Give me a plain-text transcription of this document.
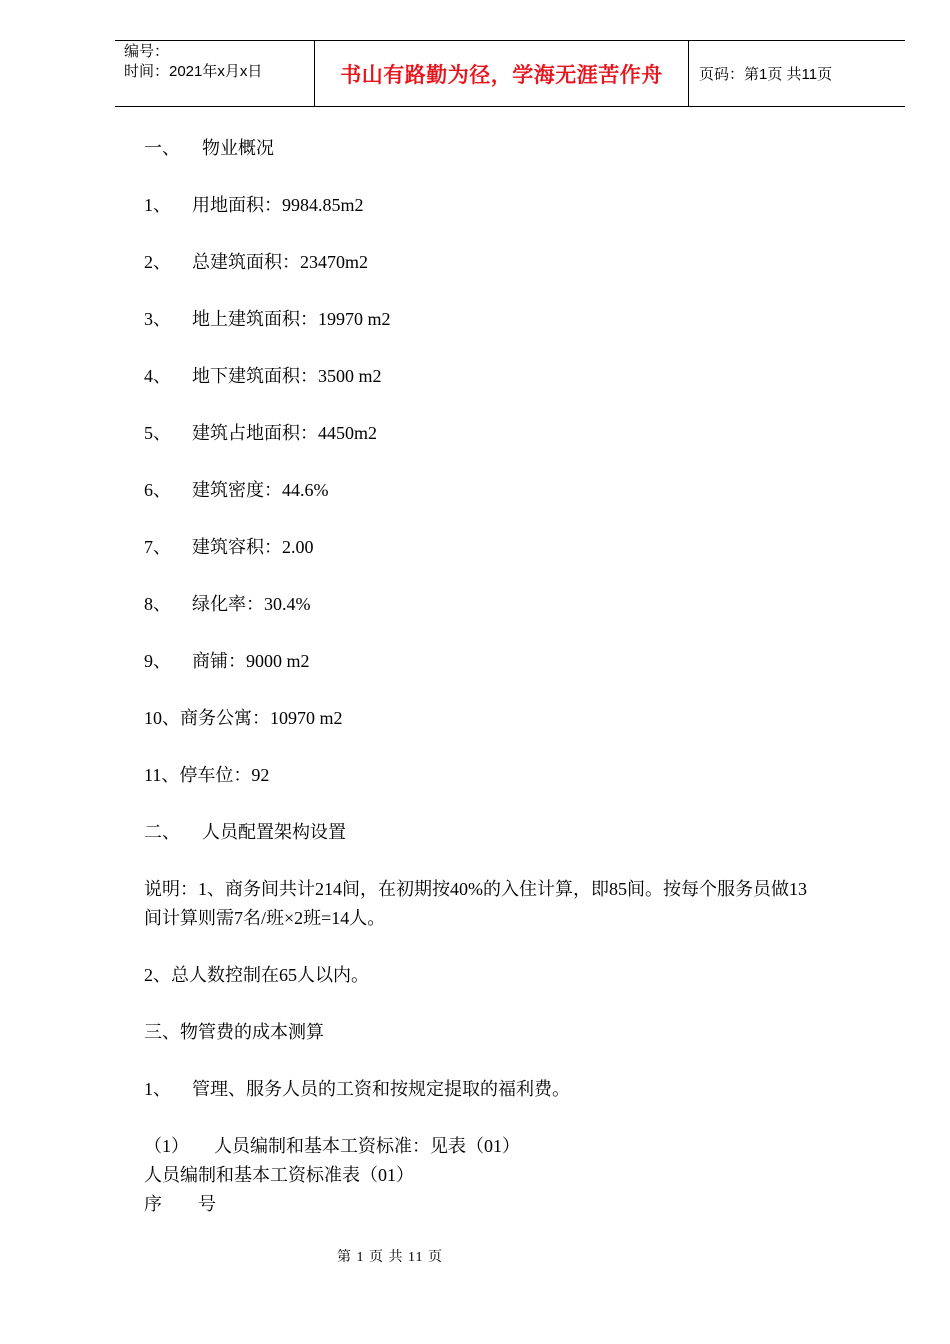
编号：
时间：2021年x月x日	书山有路勤为径，学海无涯苦作舟	页码：第1页 共11页

一、 物业概况

1、 用地面积：9984.85m2

2、 总建筑面积：23470m2

3、 地上建筑面积：19970 m2

4、 地下建筑面积：3500 m2

5、 建筑占地面积：4450m2

6、 建筑密度：44.6%

7、 建筑容积：2.00

8、 绿化率：30.4%

9、 商铺：9000 m2

10、商务公寓：10970 m2

11、停车位：92

二、 人员配置架构设置

说明：1、商务间共计214间，在初期按40%的入住计算，即85间。按每个服务员做13
间计算则需7名/班×2班=14人。

2、总人数控制在65人以内。

三、物管费的成本测算

1、 管理、服务人员的工资和按规定提取的福利费。

（1） 人员编制和基本工资标准：见表（01）

人员编制和基本工资标准表（01）

序　　号

第 1 页 共 11 页
